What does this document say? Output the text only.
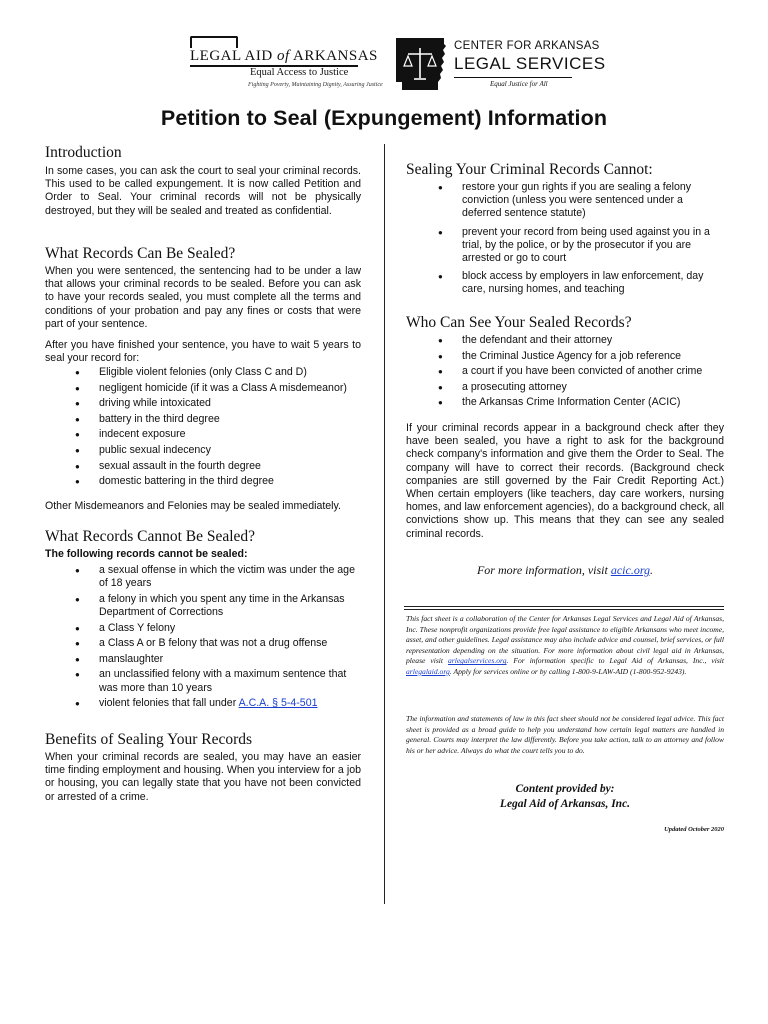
LEGAL AID of ARKANSAS
Equal Access to Justice
Fighting Poverty, Maintaining Dignity, Assuring Justice
CENTER FOR ARKANSAS
LEGAL SERVICES
Equal Justice for All
Petition to Seal (Expungement) Information
Introduction

In some cases, you can ask the court to seal your criminal records. This used to be called expungement. It is now called Petition and Order to Seal. Your criminal records will not be physically destroyed, but they will be sealed and treated as confidential.

What Records Can Be Sealed?

When you were sentenced, the sentencing had to be under a law that allows your criminal records to be sealed. Before you can ask to have your records sealed, you must complete all the terms and conditions of your probation and pay any fines or costs that were part of your sentence.

After you have finished your sentence, you have to wait 5 years to seal your record for:

● Eligible violent felonies (only Class C and D)
● negligent homicide (if it was a Class A misdemeanor)
● driving while intoxicated
● battery in the third degree
● indecent exposure
● public sexual indecency
● sexual assault in the fourth degree
● domestic battering in the third degree

Other Misdemeanors and Felonies may be sealed immediately.

What Records Cannot Be Sealed?

The following records cannot be sealed:

● a sexual offense in which the victim was under the age of 18 years
● a felony in which you spent any time in the Arkansas Department of Corrections
● a Class Y felony
● a Class A or B felony that was not a drug offense
● manslaughter
● an unclassified felony with a maximum sentence that was more than 10 years
● violent felonies that fall under A.C.A. § 5-4-501
Benefits of Sealing Your Records

When your criminal records are sealed, you may have an easier time finding employment and housing. When you interview for a job or housing, you can legally state that you have not been convicted or arrested of a crime.

Sealing Your Criminal Records Cannot:
● restore your gun rights if you are sealing a felony conviction (unless you were sentenced under a deferred sentence statute)
● prevent your record from being used against you in a trial, by the police, or by the prosecutor if you are arrested or go to court
● block access by employers in law enforcement, day care, nursing homes, and teaching
Who Can See Your Sealed Records?
● the defendant and their attorney
● the Criminal Justice Agency for a job reference
● a court if you have been convicted of another crime
● a prosecuting attorney
● the Arkansas Crime Information Center (ACIC)

If your criminal records appear in a background check after they have been sealed, you have a right to ask for the background check company's information and give them the Order to Seal. The company will have to correct their records. (Background check companies are still governed by the Fair Credit Reporting Act.) When certain employers (like teachers, day care workers, nursing homes, and law enforcement agencies), do a background check, all convictions show up. This means that they can see any sealed criminal records.

For more information, visit acic.org.

This fact sheet is a collaboration of the Center for Arkansas Legal Services and Legal Aid of Arkansas, Inc. These nonprofit organizations provide free legal assistance to eligible Arkansans who meet income, asset, and other guidelines. Legal assistance may also include advice and counsel, brief services, or full representation depending on the situation. For more information about civil legal aid in Arkansas, please visit arlegalservices.org. For information specific to Legal Aid of Arkansas, Inc., visit arlegalaid.org. Apply for services online or by calling 1-800-9-LAW-AID (1-800-952-9243).

The information and statements of law in this fact sheet should not be considered legal advice. This fact sheet is provided as a broad guide to help you understand how certain legal matters are handled in general. Courts may interpret the law differently. Before you take action, talk to an attorney and follow his or her advice. Always do what the court tells you to do.

Content provided by:

Legal Aid of Arkansas, Inc.

Updated October 2020
